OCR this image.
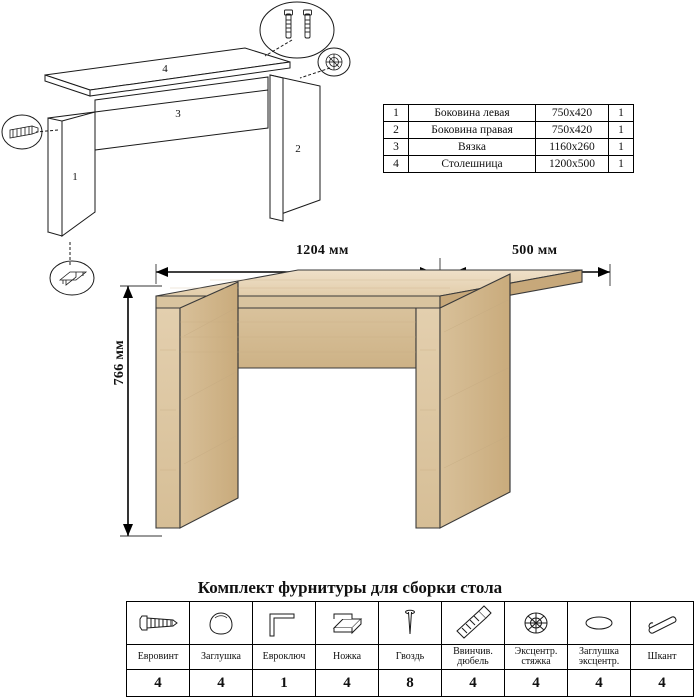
1
2
3
4
1	Боковина левая	750х420	1
2	Боковина правая	750х420	1
3	Вязка	1160х260	1
4	Столешница	1200х500	1
1204 мм	500 мм
766 мм
Комплект фурнитуры для сборки стола

Евровинт	Заглушка	Евроключ	Ножка	Гвоздь	Ввинчив. дюбель	Эксцентр. стяжка	Заглушка эксцентр.	Шкант
4	4	1	4	8	4	4	4	4
